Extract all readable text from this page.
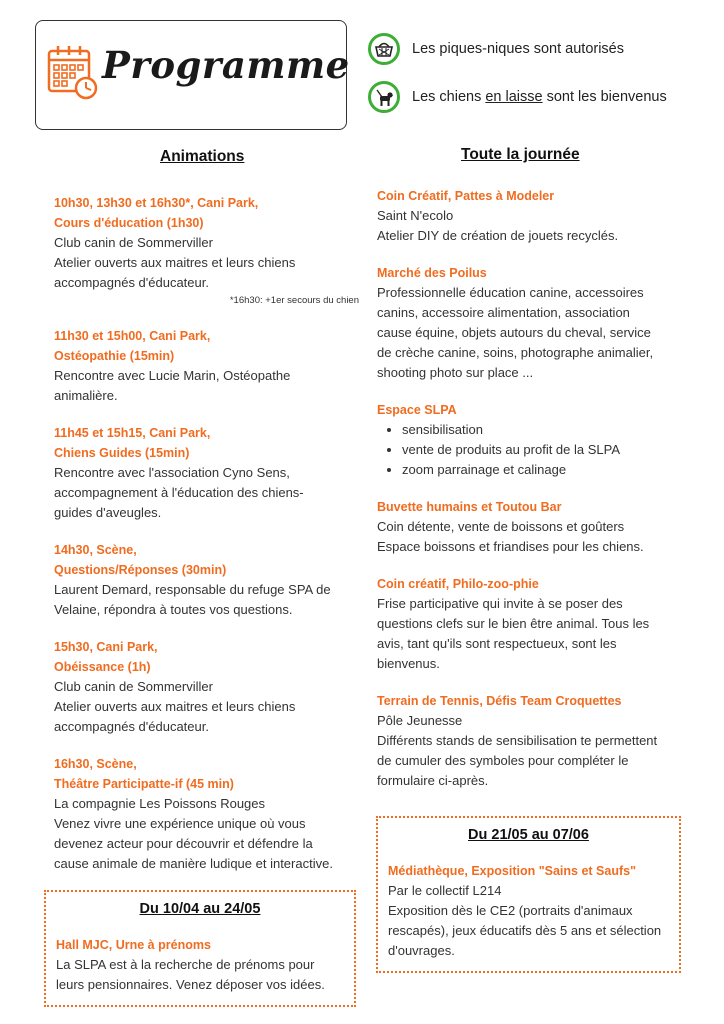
Programme	Les piques-niques sont autorisés
Les chiens en laisse sont les bienvenus
Animations	Toute la journée
10h30, 13h30 et 16h30*, Cani Park,
Cours d'éducation (1h30)
Club canin de Sommerviller
Atelier ouverts aux maitres et leurs chiens
accompagnés d'éducateur.
*16h30: +1er secours du chien
11h30 et 15h00, Cani Park,
Ostéopathie (15min)
Rencontre avec Lucie Marin, Ostéopathe
animalière.
11h45 et 15h15, Cani Park,
Chiens Guides (15min)
Rencontre avec l'association Cyno Sens,
accompagnement à l'éducation des chiens-
guides d'aveugles.
14h30, Scène,
Questions/Réponses (30min)
Laurent Demard, responsable du refuge SPA de
Velaine, répondra à toutes vos questions.
15h30, Cani Park,
Obéissance (1h)
Club canin de Sommerviller
Atelier ouverts aux maitres et leurs chiens
accompagnés d'éducateur.
16h30, Scène,
Théâtre Participatte-if (45 min)
La compagnie Les Poissons Rouges
Venez vivre une expérience unique où vous
devenez acteur pour découvrir et défendre la
cause animale de manière ludique et interactive.
Du 10/04 au 24/05
Hall MJC, Urne à prénoms
La SLPA est à la recherche de prénoms pour
leurs pensionnaires. Venez déposer vos idées.
Coin Créatif, Pattes à Modeler
Saint N'ecolo
Atelier DIY de création de jouets recyclés.
Marché des Poilus
Professionnelle éducation canine, accessoires
canins, accessoire alimentation, association
cause équine, objets autours du cheval, service
de crèche canine, soins, photographe animalier,
shooting photo sur place ...
Espace SLPA
• sensibilisation
• vente de produits au profit de la SLPA
• zoom parrainage et calinage
Buvette humains et Toutou Bar
Coin détente, vente de boissons et goûters
Espace boissons et friandises pour les chiens.
Coin créatif, Philo-zoo-phie
Frise participative qui invite à se poser des
questions clefs sur le bien être animal. Tous les
avis, tant qu'ils sont respectueux, sont les
bienvenus.
Terrain de Tennis, Défis Team Croquettes
Pôle Jeunesse
Différents stands de sensibilisation te permettent
de cumuler des symboles pour compléter le
formulaire ci-après.
Du 21/05 au 07/06
Médiathèque, Exposition "Sains et Saufs"
Par le collectif L214
Exposition dès le CE2 (portraits d'animaux
rescapés), jeux éducatifs dès 5 ans et sélection
d'ouvrages.
